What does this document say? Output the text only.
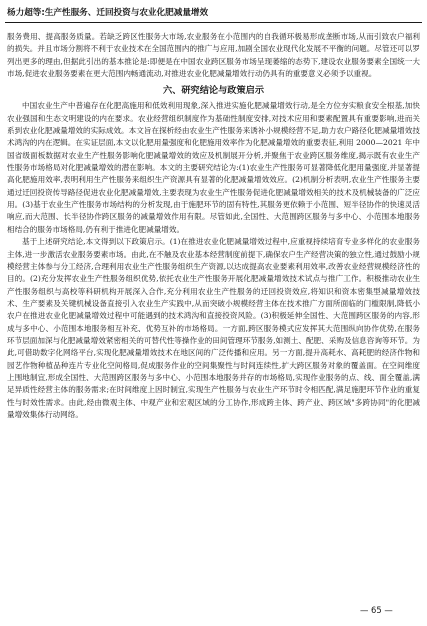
杨力超等:生产性服务、迁回投资与农业化肥减量增效

服务费用、提高服务质量。若缺乏跨区性服务大市场,农业服务在小范围内的自我循环极易形成垄断市场,从而引致农户福利的损失。并且市场分割将不利于农业技术在全国范围内的推广与应用,加剧全国农业现代化发展不平衡的问题。尽管还可以罗列出更多的理由,但据此引出的基本推论是:即便是在中国农业跨区服务市场呈现萎缩的态势下,建设农业服务要素全国统一大市场,促进农业服务要素在更大范围内畅通流动,对推进农业化肥减量增效行动仍具有的重要意义必须予以重视。

六、研究结论与政策启示

中国农业生产中普遍存在化肥高施用和低效利用现象,深入推进实施化肥减量增效行动,是全方位夯实粮食安全根基,加快农业强国和生态文明建设的内在要求。农业经营组织制度作为基础性制度安排,对技术应用和要素配置具有重要影响,进而关系到农业化肥减量增效的实际成效。本文旨在探析经由农业生产性服务来诱补小规模经营不足,助力农户路径化肥减量增效技术鸿沟的内在逻辑。在实证层面,本文以化肥用量强度和化肥施用效率作为化肥减量增效的重要表征,利用 2000—2021 年中国省级面板数据对农业生产性服务影响化肥减量增效的效应及机制展开分析,并聚焦于农业跨区服务维度,揭示既有农业生产性服务市场格局对化肥减量增效的潜在影响。本文的主要研究结论为:(1)农业生产性服务可显著降低化肥用量强度,并显著提高化肥施用效率,表明利用生产性服务来组织生产资源具有显著的化肥减量增效效应。(2)机制分析表明,农业生产性服务主要通过迁回投资传导路径促进农业化肥减量增效,主要表现为农业生产性服务促进化肥减量增效相关的技术及机械装备的广泛应用。(3)基于农业生产性服务市场结构的分析发现,由于施肥环节的固有特性,其服务更依赖于小范围、短半径协作的快速灵活响应,而大范围、长半径协作跨区服务的减量增效作用有限。尽管如此,全国性、大范围跨区服务与多中心、小范围本地服务相结合的服务市场格局,仍有利于推进化肥减量增效。

基于上述研究结论,本文得到以下政策启示。(1)在推进农业化肥减量增效过程中,应重视持续培育专业多样化的农业服务主体,进一步激活农业服务要素市场。由此,在不触及农业基本经营制度前提下,确保农户生产经营决策的独立性,通过鼓励小规模经营主体参与分工经济,合理利用农业生产性服务组织生产资源,以达成提高农业要素利用效率,改善农业经营规模经济性的目的。(2)充分发挥农业生产性服务组织优势,依托农业生产性服务开展化肥减量增效技术试点与推广工作。积极推动农业生产性服务组织与高校等科研机构开展深入合作,充分利用农业生产性服务的迁回投资效应,将知识和资本密集型减量增效技术、生产要素及关键机械设备直接引入农业生产实践中,从而突破小规模经营主体在技术推广方面所面临的门槛限制,降低小农户在推进农业化肥减量增效过程中可能遇到的技术鸿沟和直接投资风险。(3)积极延伸全国性、大范围跨区服务的内容,形成与多中心、小范围本地服务相互补充、优势互补的市场格局。一方面,跨区服务模式应发挥其大范围纵向协作优势,在服务环节层面加深与化肥减量增效紧密相关的可替代性等操作业的田间管理环节服务,如测土、配肥、采购及信息咨询等环节。为此,可借助数字化网络平台,实现化肥减量增效技术在地区间的广泛传播和应用。另一方面,提升高耗水、高耗肥的经济作物和园艺作物种植品种连片专业化空间格局,促成服务作业的空间集聚性与时间连续性,扩大跨区服务对象的覆盖面。在空间维度上围地制宜,形成全国性、大范围跨区服务与多中心、小范围本地服务并存的市场格局,实现作业服务的点、线、面全覆盖,满足异质性经营主体的服务需求;在时间维度上因时制宜,实现生产性服务与农业生产环节时令相匹配,满足施肥环节作业的重复性与时效性需求。由此,经由微观主体、中观产业和宏观区域的分工协作,形成跨主体、跨产业、跨区域"多跨协同"的化肥减量增效集体行动网络。

— 65 —
